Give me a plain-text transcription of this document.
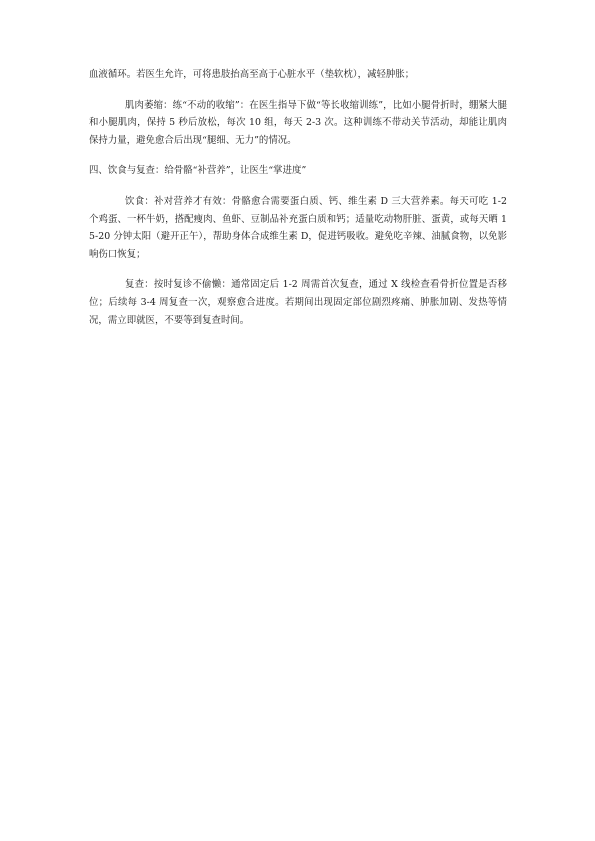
血液循环。若医生允许，可将患肢抬高至高于心脏水平（垫软枕），减轻肿胀；

肌肉萎缩：练“不动的收缩”：在医生指导下做“等长收缩训练”，比如小腿骨折时，绷紧大腿和小腿肌肉，保持 5 秒后放松，每次 10 组，每天 2-3 次。这种训练不带动关节活动，却能让肌肉保持力量，避免愈合后出现“腿细、无力”的情况。

四、饮食与复查：给骨骼“补营养”，让医生“掌进度”

饮食：补对营养才有效：骨骼愈合需要蛋白质、钙、维生素 D 三大营养素。每天可吃 1-2 个鸡蛋、一杯牛奶，搭配瘦肉、鱼虾、豆制品补充蛋白质和钙；适量吃动物肝脏、蛋黄，或每天晒 15-20 分钟太阳（避开正午），帮助身体合成维生素 D，促进钙吸收。避免吃辛辣、油腻食物，以免影响伤口恢复；

复查：按时复诊不偷懒：通常固定后 1-2 周需首次复查，通过 X 线检查看骨折位置是否移位；后续每 3-4 周复查一次，观察愈合进度。若期间出现固定部位剧烈疼痛、肿胀加剧、发热等情况，需立即就医，不要等到复查时间。
